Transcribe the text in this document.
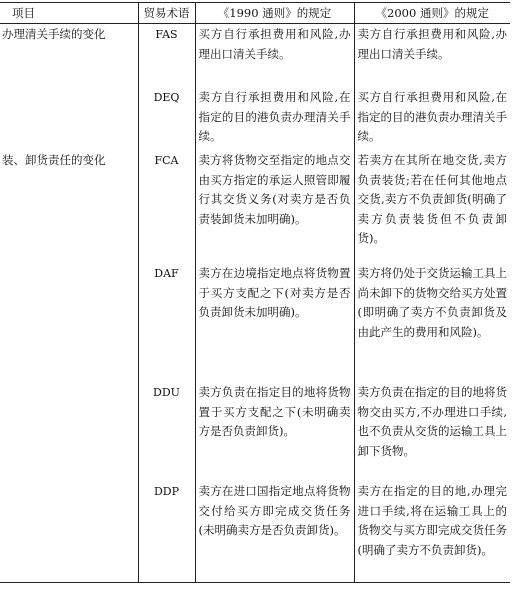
项目	贸易术语	《1990 通则》的规定	《2000 通则》的规定
办理清关手续的变化	FAS	买方自行承担费用和风险,办理出口清关手续。	卖方自行承担费用和风险,办理出口清关手续。
	DEQ	卖方自行承担费用和风险,在指定的目的港负责办理清关手续。	买方自行承担费用和风险,在指定的目的港负责办理清关手续。
装、卸货责任的变化	FCA	卖方将货物交至指定的地点交由买方指定的承运人照管即履行其交货义务(对卖方是否负责装卸货未加明确)。	若卖方在其所在地交货,卖方负责装货;若在任何其他地点交货,卖方不负责卸货(明确了卖方负责装货但不负责卸货)。
	DAF	卖方在边境指定地点将货物置于买方支配之下(对卖方是否负责卸货未加明确)。	卖方将仍处于交货运输工具上尚未卸下的货物交给买方处置(即明确了卖方不负责卸货及由此产生的费用和风险)。
	DDU	卖方负责在指定目的地将货物置于买方支配之下(未明确卖方是否负责卸货)。	卖方负责在指定的目的地将货物交由买方,不办理进口手续,也不负责从交货的运输工具上卸下货物。
	DDP	卖方在进口国指定地点将货物交付给买方即完成交货任务(未明确卖方是否负责卸货)。	卖方在指定的目的地,办理完进口手续,将在运输工具上的货物交与买方即完成交货任务(明确了卖方不负责卸货)。
